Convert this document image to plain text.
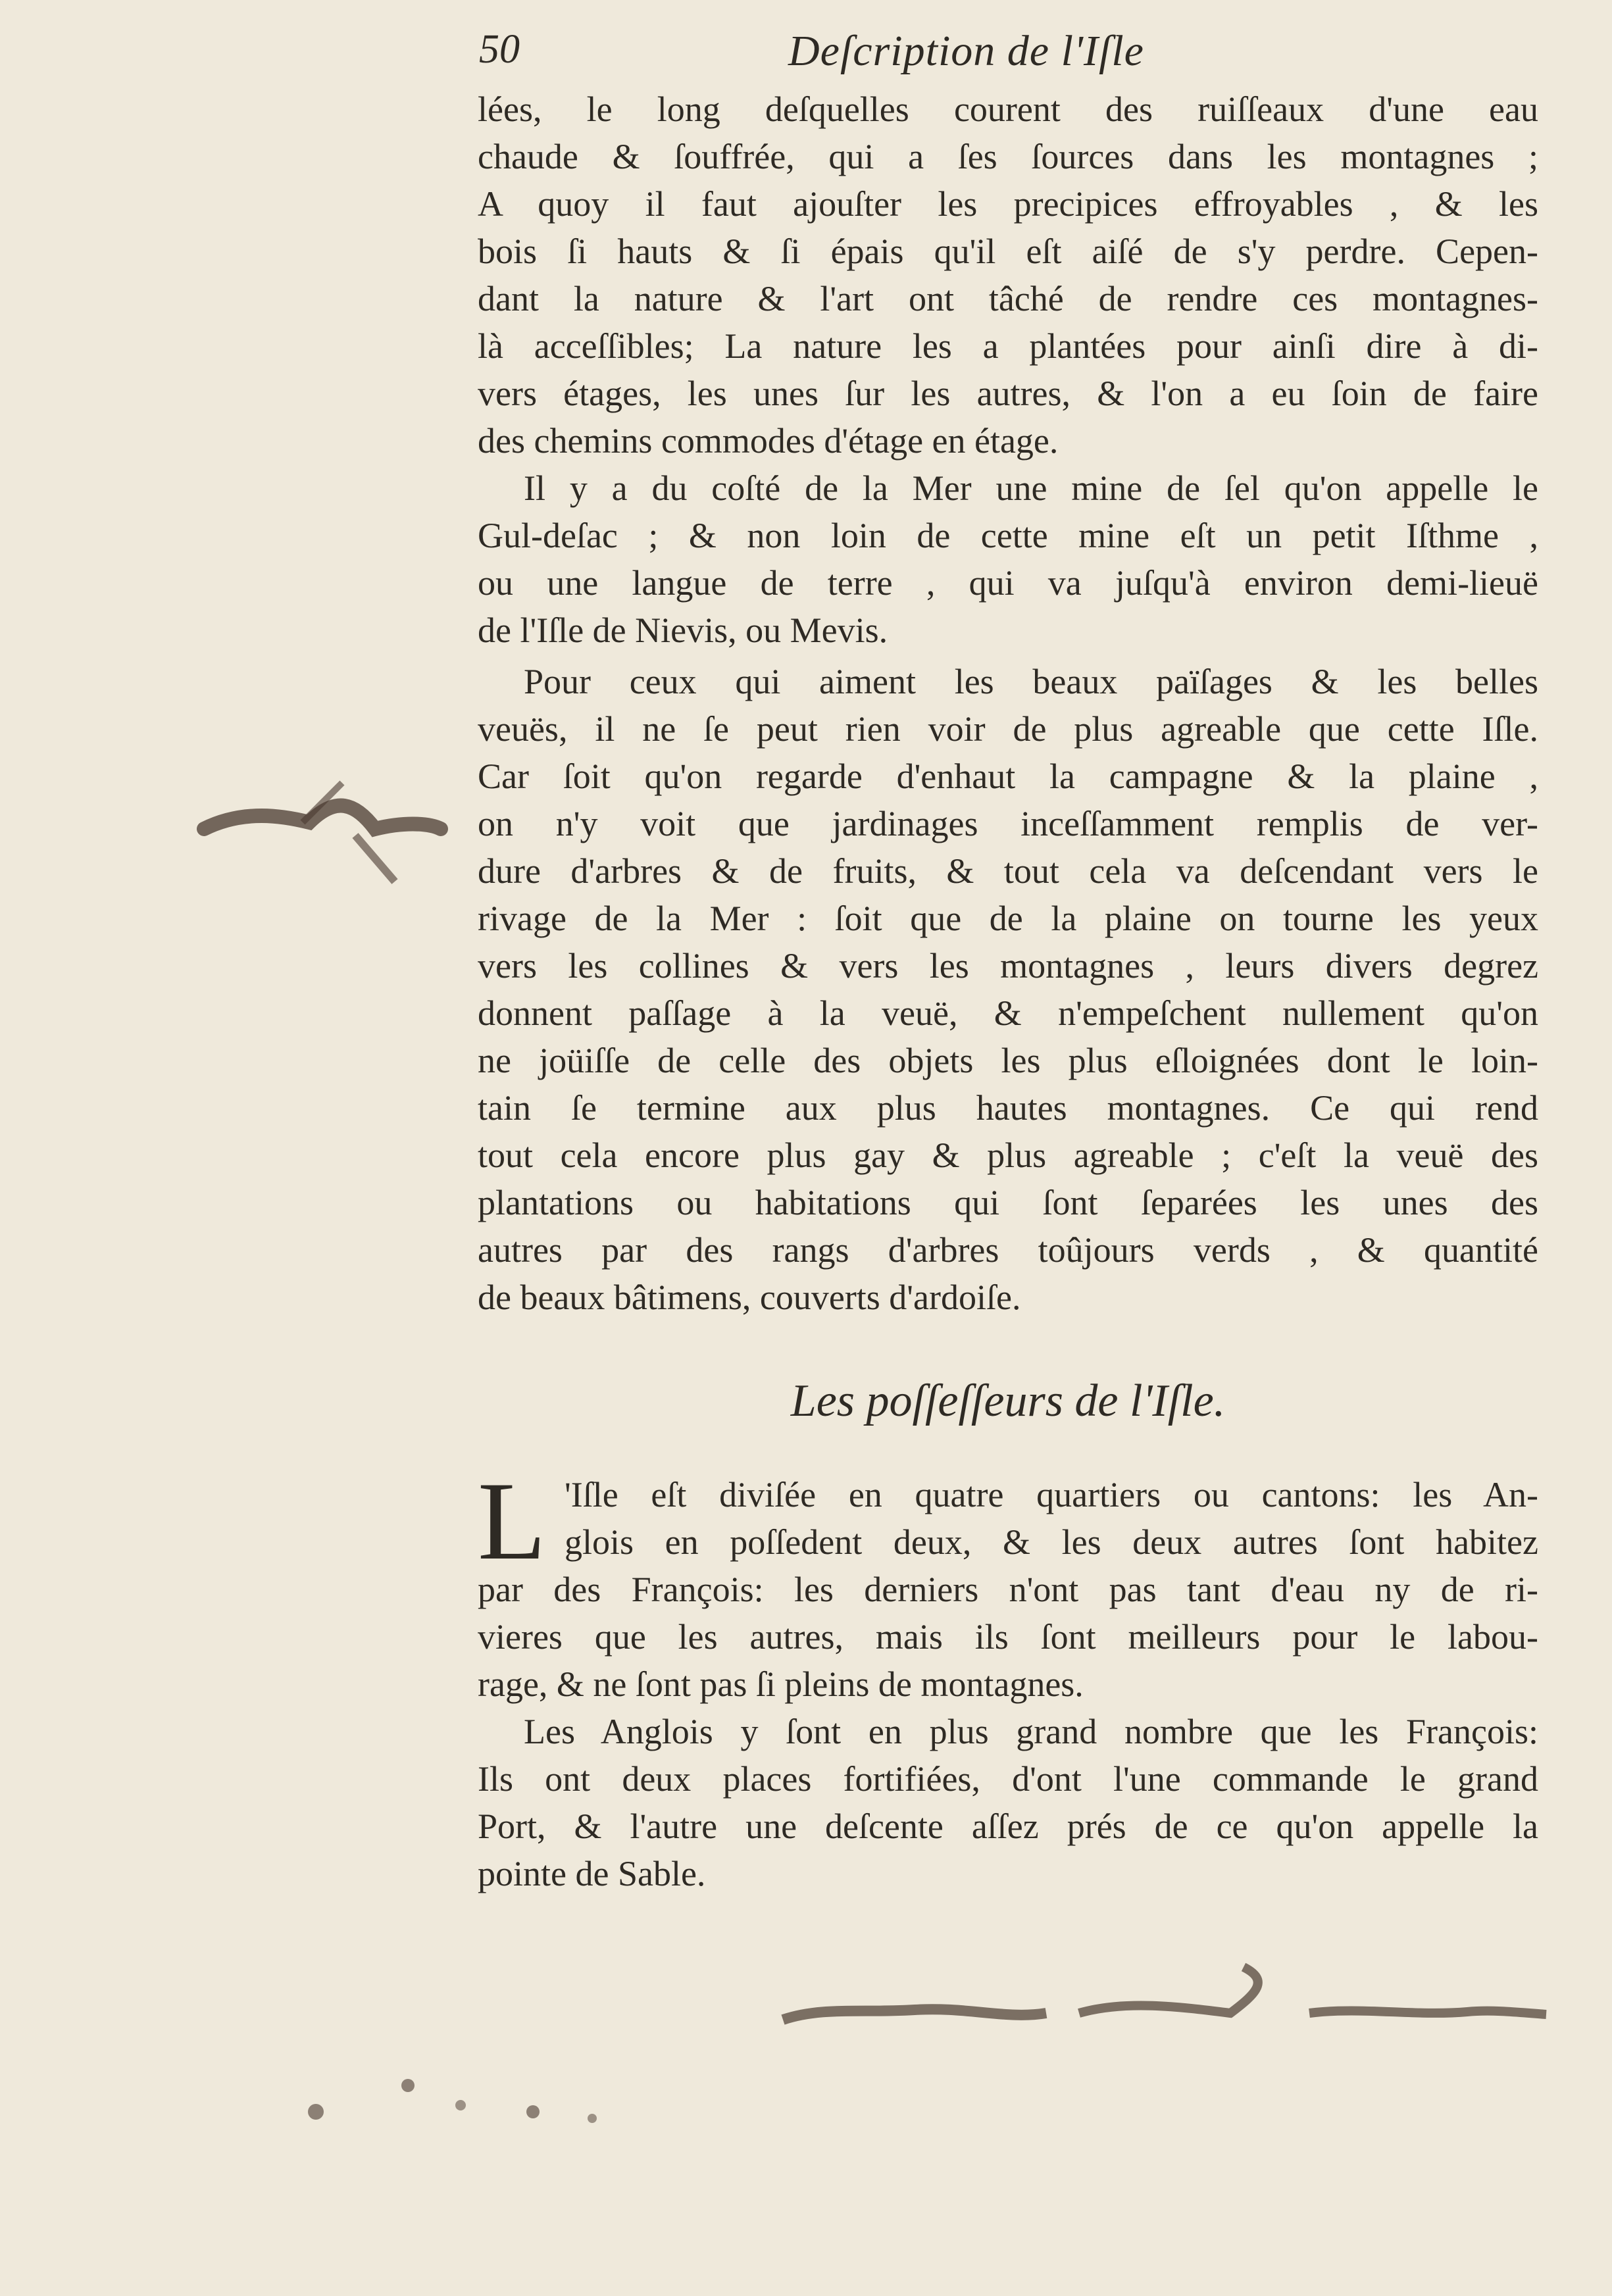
50	Deſcription de l'Iſle
lées, le long deſquelles courent des ruiſſeaux d'une eau
chaude & ſouffrée, qui a ſes ſources dans les montagnes ;
A quoy il faut ajouſter les precipices effroyables , & les
bois ſi hauts & ſi épais qu'il eſt aiſé de s'y perdre. Cepen-
dant la nature & l'art ont tâché de rendre ces montagnes-
là acceſſibles; La nature les a plantées pour ainſi dire à di-
vers étages, les unes ſur les autres, & l'on a eu ſoin de faire
des chemins commodes d'étage en étage.
Il y a du coſté de la Mer une mine de ſel qu'on appelle le
Gul-deſac ; & non loin de cette mine eſt un petit Iſthme ,
ou une langue de terre , qui va juſqu'à environ demi-lieuë
de l'Iſle de Nievis, ou Mevis.
Pour ceux qui aiment les beaux païſages & les belles
veuës, il ne ſe peut rien voir de plus agreable que cette Iſle.
Car ſoit qu'on regarde d'enhaut la campagne & la plaine ,
on n'y voit que jardinages inceſſamment remplis de ver-
dure d'arbres & de fruits, & tout cela va deſcendant vers le
rivage de la Mer : ſoit que de la plaine on tourne les yeux
vers les collines & vers les montagnes , leurs divers degrez
donnent paſſage à la veuë, & n'empeſchent nullement qu'on
ne joüiſſe de celle des objets les plus eſloignées dont le loin-
tain ſe termine aux plus hautes montagnes. Ce qui rend
tout cela encore plus gay & plus agreable ; c'eſt la veuë des
plantations ou habitations qui ſont ſeparées les unes des
autres par des rangs d'arbres toûjours verds , & quantité
de beaux bâtimens, couverts d'ardoiſe.
Les poſſeſſeurs de l'Iſle.
L 'Iſle eſt diviſée en quatre quartiers ou cantons: les An-
glois en poſſedent deux, & les deux autres ſont habitez
par des François: les derniers n'ont pas tant d'eau ny de ri-
vieres que les autres, mais ils ſont meilleurs pour le labou-
rage, & ne ſont pas ſi pleins de montagnes.
Les Anglois y ſont en plus grand nombre que les François:
Ils ont deux places fortifiées, d'ont l'une commande le grand
Port, & l'autre une deſcente aſſez prés de ce qu'on appelle la
pointe de Sable.
